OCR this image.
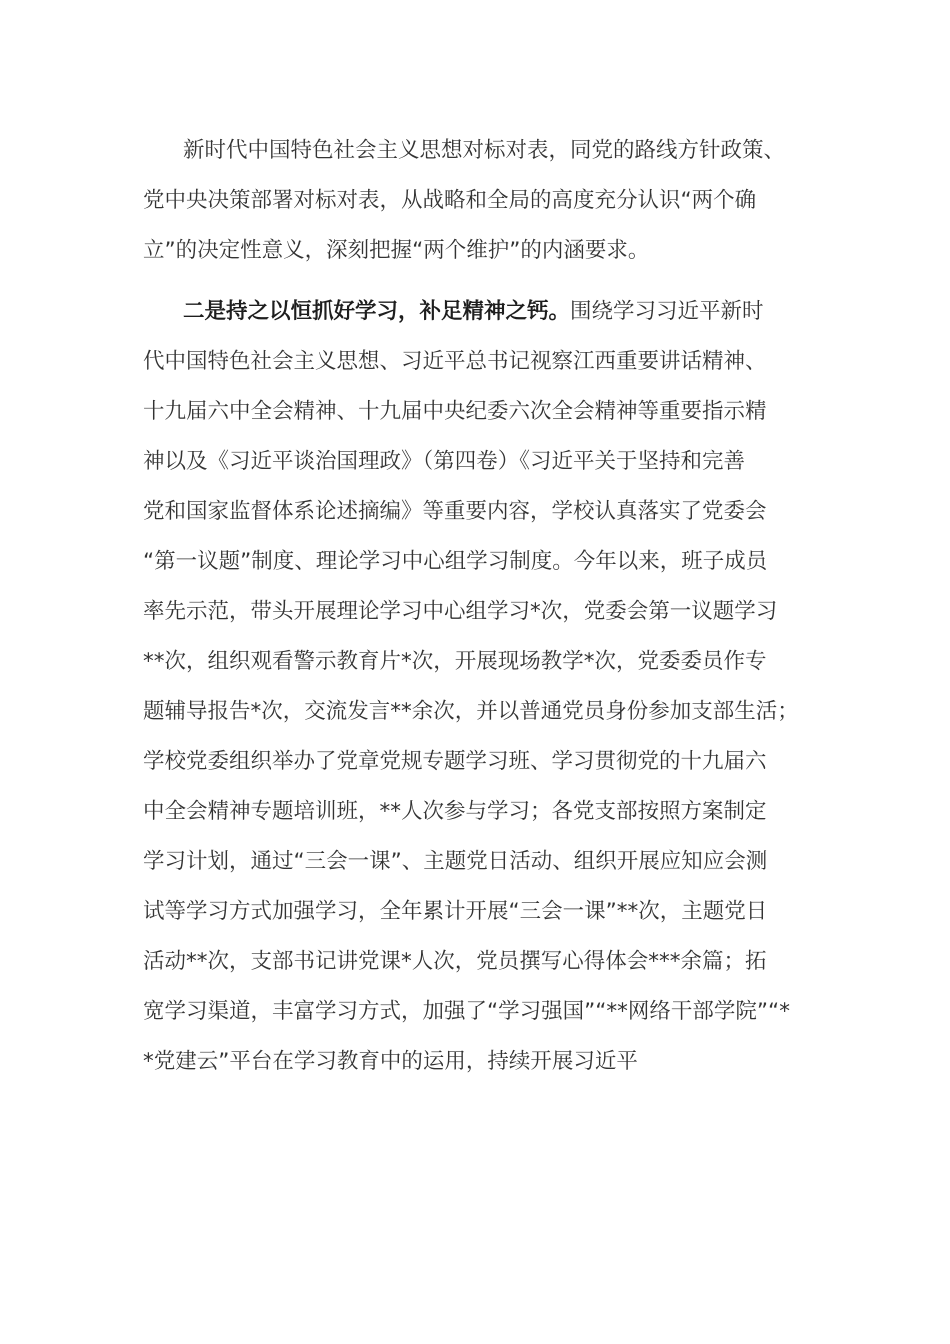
新时代中国特色社会主义思想对标对表，同党的路线方针政策、
党中央决策部署对标对表，从战略和全局的高度充分认识“两个确
立”的决定性意义，深刻把握“两个维护”的内涵要求。
二是持之以恒抓好学习，补足精神之钙。围绕学习习近平新时
代中国特色社会主义思想、习近平总书记视察江西重要讲话精神、
十九届六中全会精神、十九届中央纪委六次全会精神等重要指示精
神以及《习近平谈治国理政》（第四卷）《习近平关于坚持和完善
党和国家监督体系论述摘编》等重要内容，学校认真落实了党委会
“第一议题”制度、理论学习中心组学习制度。今年以来，班子成员
率先示范，带头开展理论学习中心组学习*次，党委会第一议题学习
**次，组织观看警示教育片*次，开展现场教学*次，党委委员作专
题辅导报告*次，交流发言**余次，并以普通党员身份参加支部生活；
学校党委组织举办了党章党规专题学习班、学习贯彻党的十九届六
中全会精神专题培训班，**人次参与学习；各党支部按照方案制定
学习计划，通过“三会一课”、主题党日活动、组织开展应知应会测
试等学习方式加强学习，全年累计开展“三会一课”**次，主题党日
活动**次，支部书记讲党课*人次，党员撰写心得体会***余篇；拓
宽学习渠道，丰富学习方式，加强了“学习强国”“**网络干部学院”“*
*党建云”平台在学习教育中的运用，持续开展习近平
